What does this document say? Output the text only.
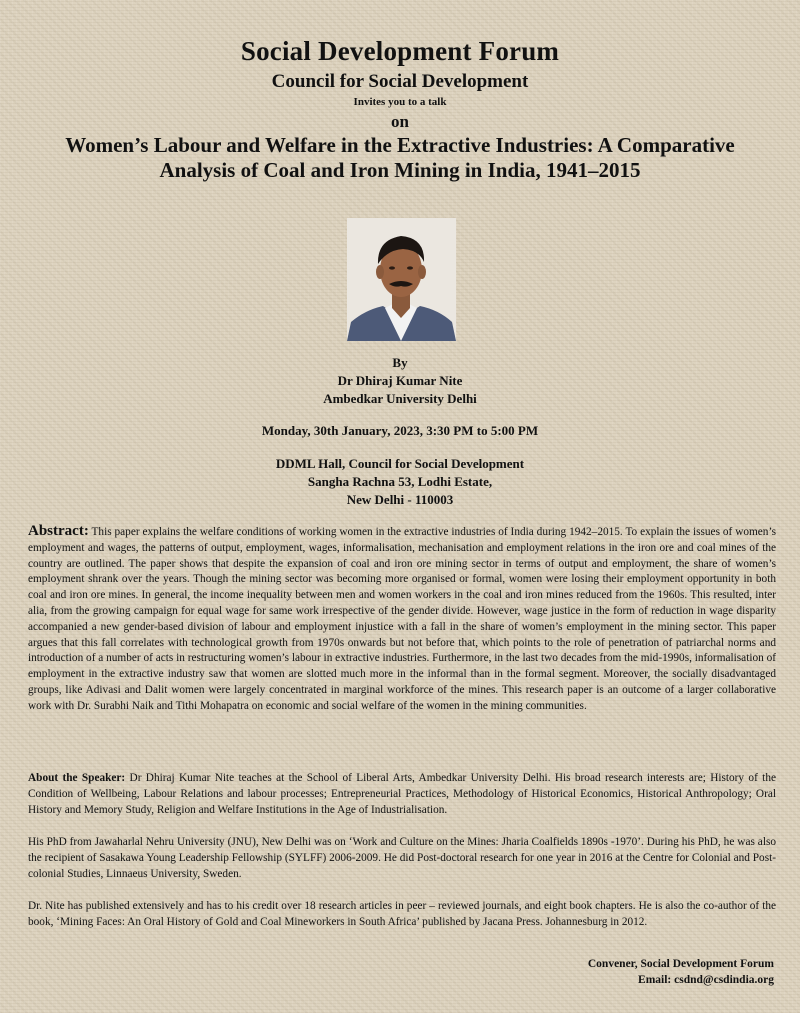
Social Development Forum
Council for Social Development
Invites you to a talk
on
Women’s Labour and Welfare in the Extractive Industries: A Comparative
Analysis of Coal and Iron Mining in India, 1941–2015
By
Dr Dhiraj Kumar Nite
Ambedkar University Delhi
Monday, 30th January, 2023, 3:30 PM to 5:00 PM
DDML Hall, Council for Social Development
Sangha Rachna 53, Lodhi Estate,
New Delhi - 110003
Abstract: This paper explains the welfare conditions of working women in the extractive industries of India during 1942–2015. To explain the issues of women’s employment and wages, the patterns of output, employment, wages, informalisation, mechanisation and employment relations in the iron ore and coal mines of the country are outlined. The paper shows that despite the expansion of coal and iron ore mining sector in terms of output and employment, the share of women’s employment shrank over the years. Though the mining sector was becoming more organised or formal, women were losing their employment opportunity in both coal and iron ore mines. In general, the income inequality between men and women workers in the coal and iron mines reduced from the 1960s. This resulted, inter alia, from the growing campaign for equal wage for same work irrespective of the gender divide. However, wage justice in the form of reduction in wage disparity accompanied a new gender-based division of labour and employment injustice with a fall in the share of women’s employment in the mining sector. This paper argues that this fall correlates with technological growth from 1970s onwards but not before that, which points to the role of penetration of patriarchal norms and introduction of a number of acts in restructuring women’s labour in extractive industries. Furthermore, in the last two decades from the mid-1990s, informalisation of employment in the extractive industry saw that women are slotted much more in the informal than in the formal segment. Moreover, the socially disadvantaged groups, like Adivasi and Dalit women were largely concentrated in marginal workforce of the mines. This research paper is an outcome of a larger collaborative work with Dr. Surabhi Naik and Tithi Mohapatra on economic and social welfare of the women in the mining communities.
About the Speaker: Dr Dhiraj Kumar Nite teaches at the School of Liberal Arts, Ambedkar University Delhi. His broad research interests are; History of the Condition of Wellbeing, Labour Relations and labour processes; Entrepreneurial Practices, Methodology of Historical Economics, Historical Anthropology; Oral History and Memory Study, Religion and Welfare Institutions in the Age of Industrialisation.
His PhD from Jawaharlal Nehru University (JNU), New Delhi was on ‘Work and Culture on the Mines: Jharia Coalfields 1890s -1970’. During his PhD, he was also the recipient of Sasakawa Young Leadership Fellowship (SYLFF) 2006-2009. He did Post-doctoral research for one year in 2016 at the Centre for Colonial and Post-colonial Studies, Linnaeus University, Sweden.
Dr. Nite has published extensively and has to his credit over 18 research articles in peer – reviewed journals, and eight book chapters. He is also the co-author of the book, ‘Mining Faces: An Oral History of Gold and Coal Mineworkers in South Africa’ published by Jacana Press. Johannesburg in 2012.
Convener, Social Development Forum
Email: csdnd@csdindia.org
